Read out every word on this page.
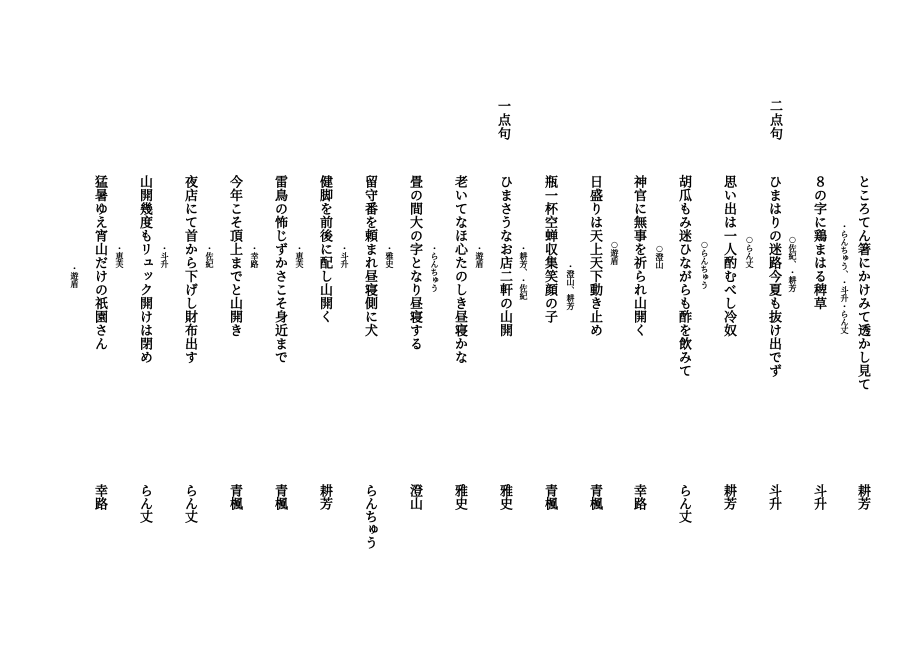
二点句
一点句
ところてん箸にかけみて透かし見て
・らんちゅう、・斗升・らん丈
耕芳
８の字に鶏まはる稗草
斗升
ひまはりの迷路今夏も抜け出でず ○佐紀、・耕芳
斗升
思い出は一人酌むべし冷奴 ○らん丈
耕芳
胡瓜もみ迷ひながらも酢を飲みて ○らんちゅう
らん丈
神官に無事を祈られ山開く ○澄山
幸路
日盛りは天上天下動き止め ○遊盾
青楓
瓶一杯空蝉収集笑顔の子 ・澄山、耕芳
青楓
ひまさうなお店二軒の山開 ・耕芳、・佐紀
雅史
老いてなほ心たのしき昼寝かな ・遊盾
雅史
畳の間大の字となり昼寝する ・らんちゅう
澄山
留守番を頼まれ昼寝側に犬 ・雅史
らんちゅう
健脚を前後に配し山開く ・斗升
耕芳
雷鳥の怖じずかさこそ身近まで ・恵芙
青楓
今年こそ頂上までと山開き ・幸路
青楓
夜店にて首から下げし財布出す ・佐紀
らん丈
山開幾度もリュック開けは閉め ・斗升
らん丈
猛暑ゆえ宵山だけの祇園さん ・恵芙
幸路
・遊盾
